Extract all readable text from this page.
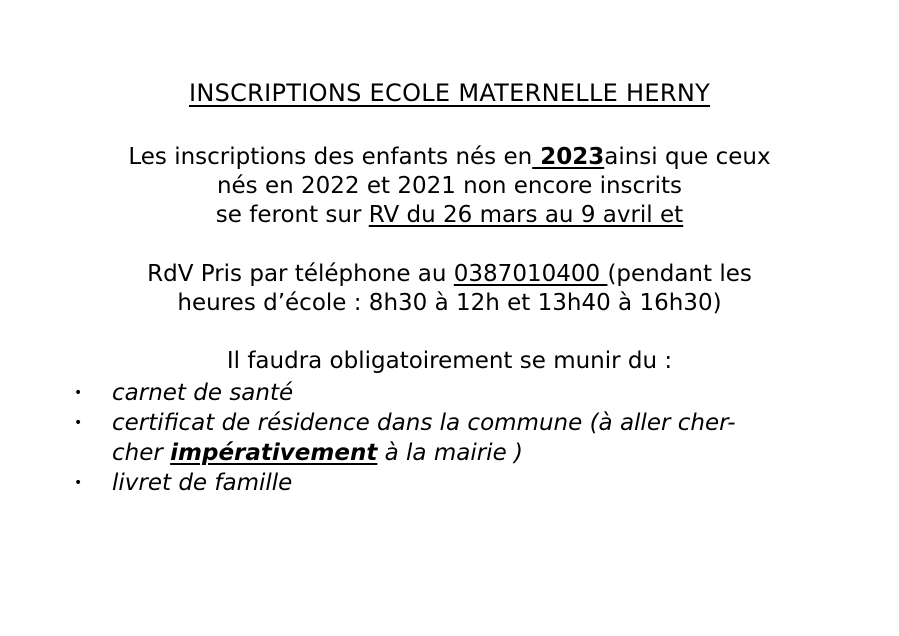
INSCRIPTIONS ECOLE MATERNELLE HERNY
Les inscriptions des enfants nés en 2023ainsi que ceux
nés en 2022 et 2021 non encore inscrits
se feront sur RV du 26 mars au 9 avril et
RdV Pris par téléphone au 0387010400 (pendant les
heures d’école : 8h30 à 12h et 13h40 à 16h30)
Il faudra obligatoirement se munir du :
• carnet de santé
• certificat de résidence dans la commune (à aller cher-
cher impérativement à la mairie )
• livret de famille
